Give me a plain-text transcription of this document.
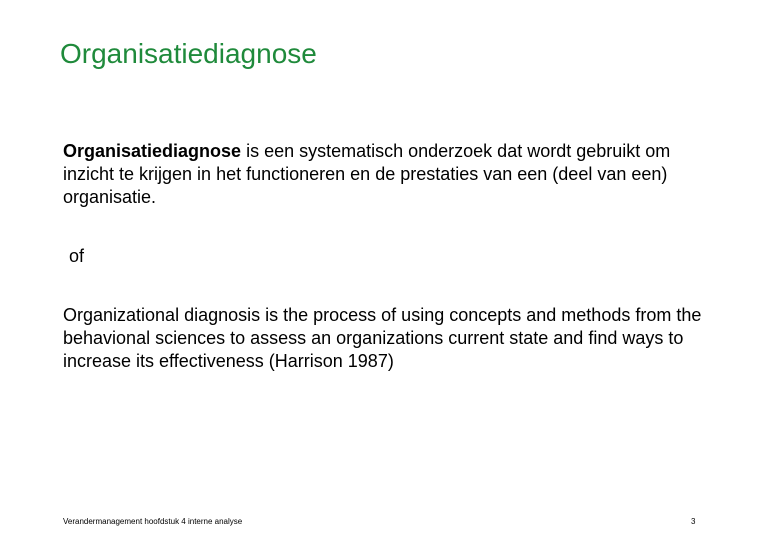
Organisatiediagnose

Organisatiediagnose is een systematisch onderzoek dat wordt gebruikt om inzicht te krijgen in het functioneren en de prestaties van een (deel van een) organisatie.

of

Organizational diagnosis is the process of using concepts and methods from the behavional sciences to assess an organizations current state and find ways to increase its effectiveness (Harrison 1987)

Verandermanagement hoofdstuk 4 interne analyse	3
